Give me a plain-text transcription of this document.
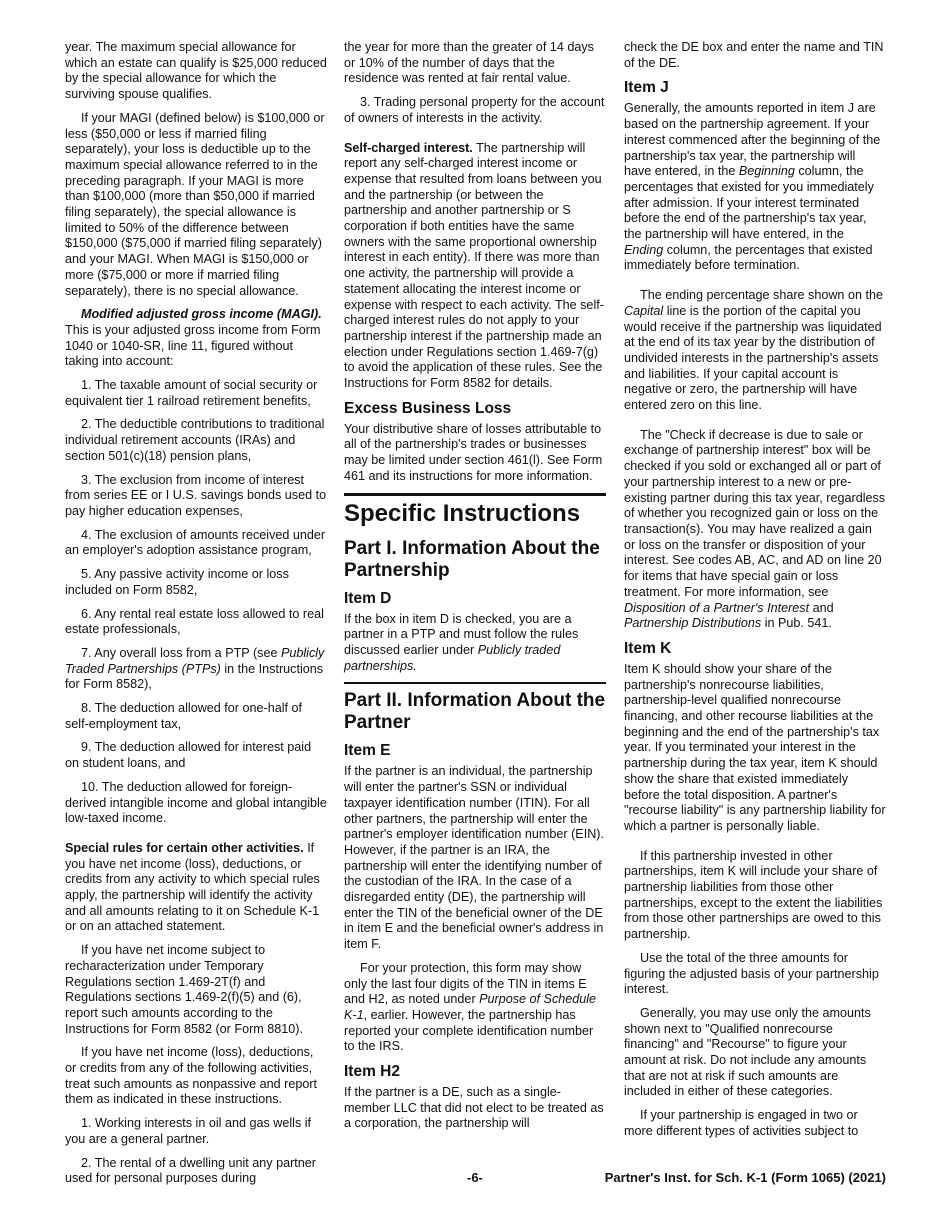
year. The maximum special allowance for which an estate can qualify is $25,000 reduced by the special allowance for which the surviving spouse qualifies.

If your MAGI (defined below) is $100,000 or less ($50,000 or less if married filing separately), your loss is deductible up to the maximum special allowance referred to in the preceding paragraph. If your MAGI is more than $100,000 (more than $50,000 if married filing separately), the special allowance is limited to 50% of the difference between $150,000 ($75,000 if married filing separately) and your MAGI. When MAGI is $150,000 or more ($75,000 or more if married filing separately), there is no special allowance.

Modified adjusted gross income (MAGI). This is your adjusted gross income from Form 1040 or 1040-SR, line 11, figured without taking into account:

1. The taxable amount of social security or equivalent tier 1 railroad retirement benefits,

2. The deductible contributions to traditional individual retirement accounts (IRAs) and section 501(c)(18) pension plans,

3. The exclusion from income of interest from series EE or I U.S. savings bonds used to pay higher education expenses,

4. The exclusion of amounts received under an employer's adoption assistance program,

5. Any passive activity income or loss included on Form 8582,

6. Any rental real estate loss allowed to real estate professionals,

7. Any overall loss from a PTP (see Publicly Traded Partnerships (PTPs) in the Instructions for Form 8582),

8. The deduction allowed for one-half of self-employment tax,

9. The deduction allowed for interest paid on student loans, and

10. The deduction allowed for foreign-derived intangible income and global intangible low-taxed income.

Special rules for certain other activities. If you have net income (loss), deductions, or credits from any activity to which special rules apply, the partnership will identify the activity and all amounts relating to it on Schedule K-1 or on an attached statement.

If you have net income subject to recharacterization under Temporary Regulations section 1.469-2T(f) and Regulations sections 1.469-2(f)(5) and (6), report such amounts according to the Instructions for Form 8582 (or Form 8810).

If you have net income (loss), deductions, or credits from any of the following activities, treat such amounts as nonpassive and report them as indicated in these instructions.

1. Working interests in oil and gas wells if you are a general partner.

2. The rental of a dwelling unit any partner used for personal purposes during

the year for more than the greater of 14 days or 10% of the number of days that the residence was rented at fair rental value.

3. Trading personal property for the account of owners of interests in the activity.

Self-charged interest. The partnership will report any self-charged interest income or expense that resulted from loans between you and the partnership (or between the partnership and another partnership or S corporation if both entities have the same owners with the same proportional ownership interest in each entity). If there was more than one activity, the partnership will provide a statement allocating the interest income or expense with respect to each activity. The self-charged interest rules do not apply to your partnership interest if the partnership made an election under Regulations section 1.469-7(g) to avoid the application of these rules. See the Instructions for Form 8582 for details.

Excess Business Loss

Your distributive share of losses attributable to all of the partnership's trades or businesses may be limited under section 461(l). See Form 461 and its instructions for more information.

Specific Instructions
Part I. Information About the Partnership
Item D

If the box in item D is checked, you are a partner in a PTP and must follow the rules discussed earlier under Publicly traded partnerships.

Part II. Information About the Partner
Item E

If the partner is an individual, the partnership will enter the partner's SSN or individual taxpayer identification number (ITIN). For all other partners, the partnership will enter the partner's employer identification number (EIN). However, if the partner is an IRA, the partnership will enter the identifying number of the custodian of the IRA. In the case of a disregarded entity (DE), the partnership will enter the TIN of the beneficial owner of the DE in item E and the beneficial owner's address in item F.

For your protection, this form may show only the last four digits of the TIN in items E and H2, as noted under Purpose of Schedule K-1, earlier. However, the partnership has reported your complete identification number to the IRS.

Item H2

If the partner is a DE, such as a single-member LLC that did not elect to be treated as a corporation, the partnership will

check the DE box and enter the name and TIN of the DE.

Item J

Generally, the amounts reported in item J are based on the partnership agreement. If your interest commenced after the beginning of the partnership's tax year, the partnership will have entered, in the Beginning column, the percentages that existed for you immediately after admission. If your interest terminated before the end of the partnership's tax year, the partnership will have entered, in the Ending column, the percentages that existed immediately before termination.

The ending percentage share shown on the Capital line is the portion of the capital you would receive if the partnership was liquidated at the end of its tax year by the distribution of undivided interests in the partnership's assets and liabilities. If your capital account is negative or zero, the partnership will have entered zero on this line.

The "Check if decrease is due to sale or exchange of partnership interest" box will be checked if you sold or exchanged all or part of your partnership interest to a new or pre-existing partner during this tax year, regardless of whether you recognized gain or loss on the transaction(s). You may have realized a gain or loss on the transfer or disposition of your interest. See codes AB, AC, and AD on line 20 for items that have special gain or loss treatment. For more information, see Disposition of a Partner's Interest and Partnership Distributions in Pub. 541.

Item K

Item K should show your share of the partnership's nonrecourse liabilities, partnership-level qualified nonrecourse financing, and other recourse liabilities at the beginning and the end of the partnership's tax year. If you terminated your interest in the partnership during the tax year, item K should show the share that existed immediately before the total disposition. A partner's "recourse liability" is any partnership liability for which a partner is personally liable.

If this partnership invested in other partnerships, item K will include your share of partnership liabilities from those other partnerships, except to the extent the liabilities from those other partnerships are owed to this partnership.

Use the total of the three amounts for figuring the adjusted basis of your partnership interest.

Generally, you may use only the amounts shown next to "Qualified nonrecourse financing" and "Recourse" to figure your amount at risk. Do not include any amounts that are not at risk if such amounts are included in either of these categories.

If your partnership is engaged in two or more different types of activities subject to

-6-	Partner's Inst. for Sch. K-1 (Form 1065) (2021)
